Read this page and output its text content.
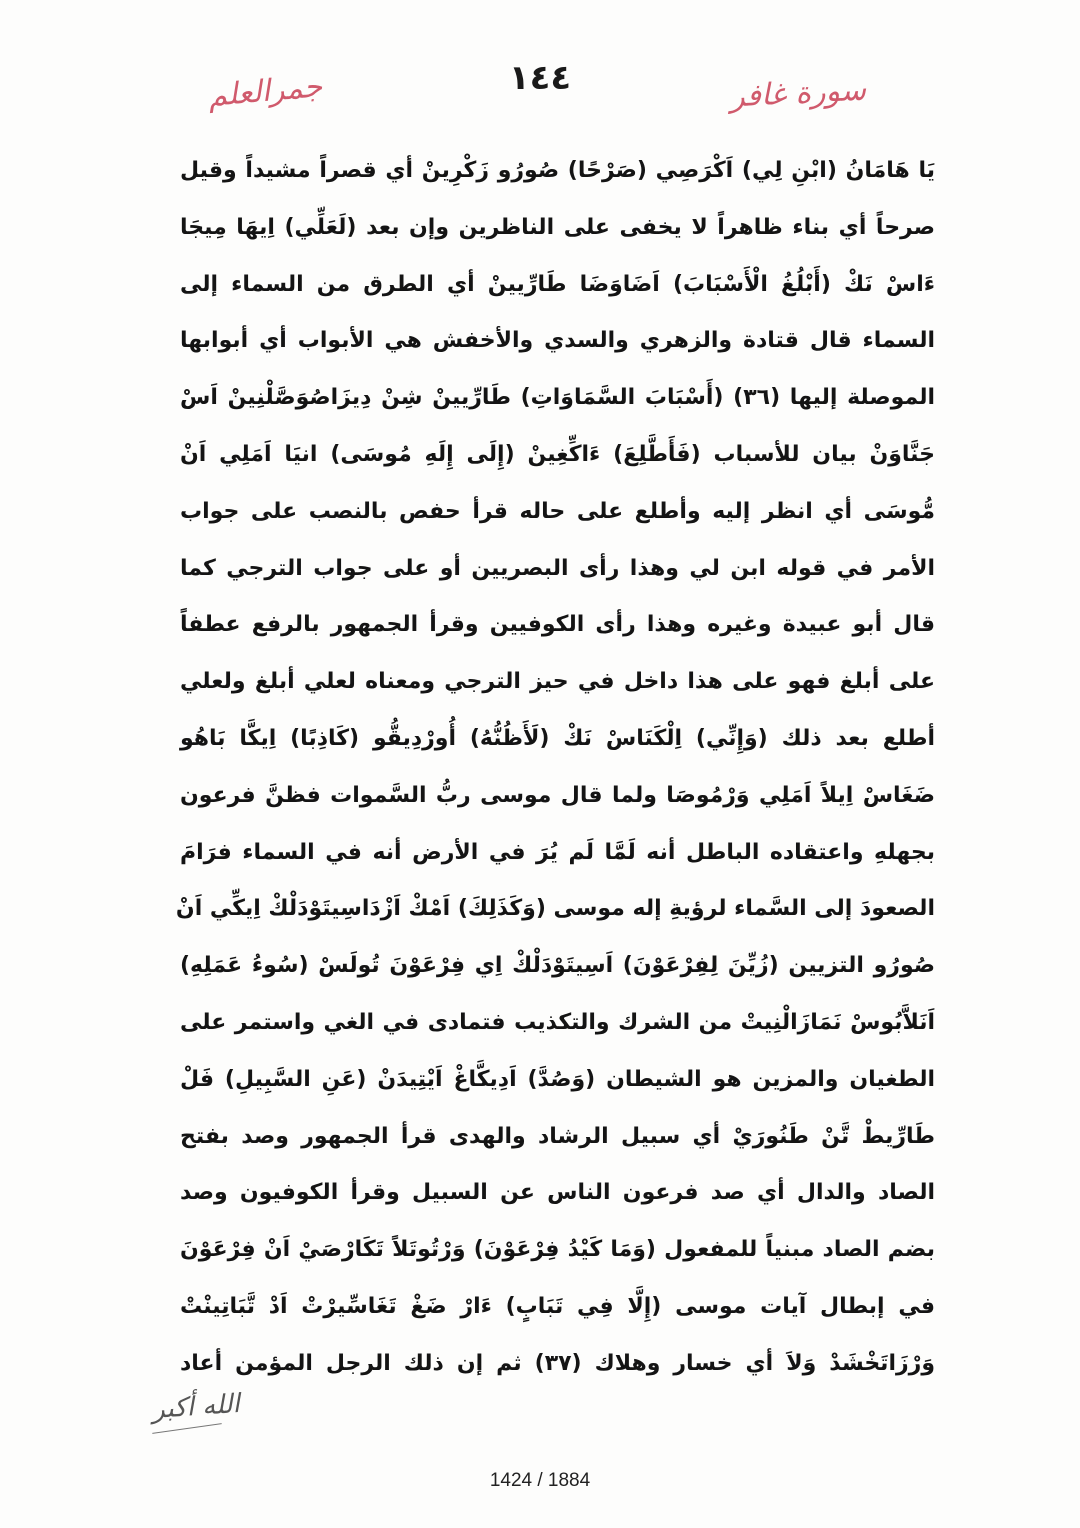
جمرالعلم	١٤٤	سورة غافر
يَا هَامَانُ (ابْنِ لِي) اَكْرَصِي (صَرْحًا) صُورُو زَكْرِينْ أي قصراً مشيداً وقيل
صرحاً أي بناء ظاهراً لا يخفى على الناظرين وإن بعد (لَعَلِّي) اِيهَا مِيجَا
ءَاسْ نَكْ (أَبْلُغُ الْأَسْبَابَ) اَضَاوَضَا طَارِّيينْ أي الطرق من السماء إلى
السماء قال قتادة والزهري والسدي والأخفش هي الأبواب أي أبوابها
الموصلة إليها (٣٦) (أَسْبَابَ السَّمَاوَاتِ) طَارِّيينْ شِنْ دِيزَاصُوَصَّلْنِينْ اَسْ
جَنَّاوَنْ بيان للأسباب (فَأَطَّلِعَ) ءَاكِّغِينْ (إِلَى إِلَهِ مُوسَى) انيَا اَمَلِي اَنْ
مُّوسَى أي انظر إليه وأطلع على حاله قرأ حفص بالنصب على جواب
الأمر في قوله ابن لي وهذا رأى البصريين أو على جواب الترجي كما
قال أبو عبيدة وغيره وهذا رأى الكوفيين وقرأ الجمهور بالرفع عطفاً
على أبلغ فهو على هذا داخل في حيز الترجي ومعناه لعلي أبلغ ولعلي
أطلع بعد ذلك (وَإِنِّي) اِلْكَنَاسْ نَكْ (لَأَظُنُّهُ) أُورْدِيقُّو (كَاذِبًا) اِيكَّا بَاهُو
ضَغَاسْ اِيلاً اَمَلِي وَرْمُوصَا ولما قال موسى ربُّ السَّموات فظنَّ فرعون
بجهلهِ واعتقاده الباطل أنه لَمَّا لَم يُرَ في الأرض أنه في السماء فرَامَ
الصعودَ إلى السَّماء لرؤيةِ إله موسى (وَكَذَلِكَ) اَمْكْ اَزْدَاسِيتَوْدَلْكْ اِيكِّي اَنْ
صُورُو التزيين (زُيِّنَ لِفِرْعَوْنَ) اَسِيتَوْدَلْكْ اِي فِرْعَوْنَ تُولَسْ (سُوءُ عَمَلِهِ)
اَنَلاَّبُوسْ نَمَازَالْنِيتْ من الشرك والتكذيب فتمادى في الغي واستمر على
الطغيان والمزين هو الشيطان (وَصُدَّ) اَدِيكَّاغْ اَيْتِيدَنْ (عَنِ السَّبِيلِ) فَلْ
طَارِّيطْ تَّنْ طَنُورَيْ أي سبيل الرشاد والهدى قرأ الجمهور وصد بفتح
الصاد والدال أي صد فرعون الناس عن السبيل وقرأ الكوفيون وصد
بضم الصاد مبنياً للمفعول (وَمَا كَيْدُ فِرْعَوْنَ) وَرْتُوتَلاً تَكَارْصَيْ اَنْ فِرْعَوْنَ
في إبطال آيات موسى (إِلَّا فِي تَبَابٍ) ءَارْ ضَغْ تَغَاسِّيرْتْ اَدْ تَّبَاتِينْتْ
وَرْزَاتَخْشَدْ وَلاَ أي خسار وهلاك (٣٧) ثم إن ذلك الرجل المؤمن أعاد
الله أكبر
1424 / 1884
